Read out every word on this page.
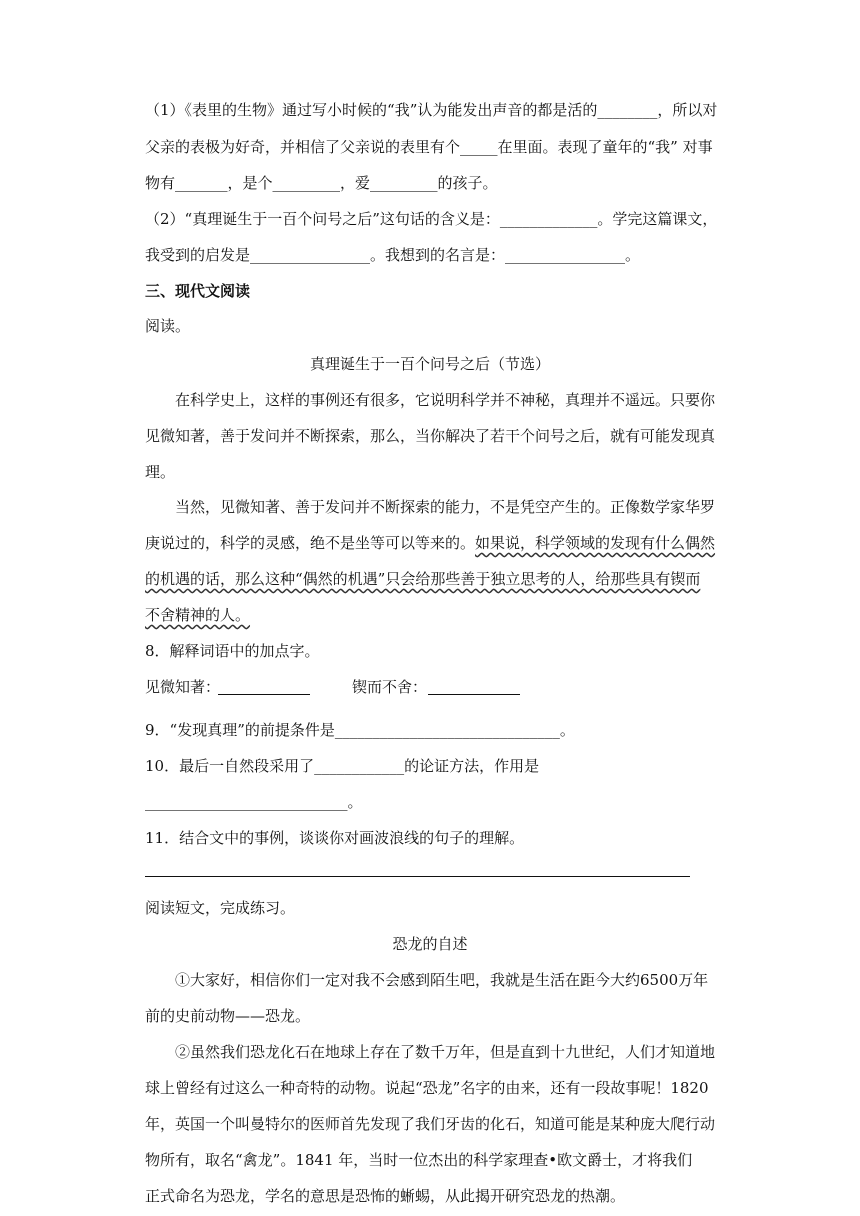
（1）《表里的生物》通过写小时候的“我”认为能发出声音的都是活的________，所以对
父亲的表极为好奇，并相信了父亲说的表里有个_____在里面。表现了童年的“我” 对事
物有_______，是个_________，爱_________的孩子。
（2）“真理诞生于一百个问号之后”这句话的含义是：_____________。学完这篇课文，
我受到的启发是________________。我想到的名言是：________________。
三、现代文阅读
阅读。
真理诞生于一百个问号之后（节选）
在科学史上，这样的事例还有很多，它说明科学并不神秘，真理并不遥远。只要你
见微知著，善于发问并不断探索，那么，当你解决了若干个问号之后，就有可能发现真
理。
当然，见微知著、善于发问并不断探索的能力，不是凭空产生的。正像数学家华罗
庚说过的，科学的灵感，绝不是坐等可以等来的。如果说，科学领域的发现有什么偶然
的机遇的话，那么这种“偶然的机遇”只会给那些善于独立思考的人，给那些具有锲而
不舍精神的人。
8．解释词语中的加点字。
见微知著：	锲而不舍：
9．“发现真理”的前提条件是______________________________。
10．最后一自然段采用了____________的论证方法，作用是
___________________________。
11．结合文中的事例，谈谈你对画波浪线的句子的理解。
阅读短文，完成练习。
恐龙的自述
①大家好，相信你们一定对我不会感到陌生吧，我就是生活在距今大约6500万年
前的史前动物——恐龙。
②虽然我们恐龙化石在地球上存在了数千万年，但是直到十九世纪，人们才知道地
球上曾经有过这么一种奇特的动物。说起“恐龙”名字的由来，还有一段故事呢！1820
年，英国一个叫曼特尔的医师首先发现了我们牙齿的化石，知道可能是某种庞大爬行动
物所有，取名“禽龙”。1841 年，当时一位杰出的科学家理查•欧文爵士，才将我们
正式命名为恐龙，学名的意思是恐怖的蜥蜴，从此揭开研究恐龙的热潮。
